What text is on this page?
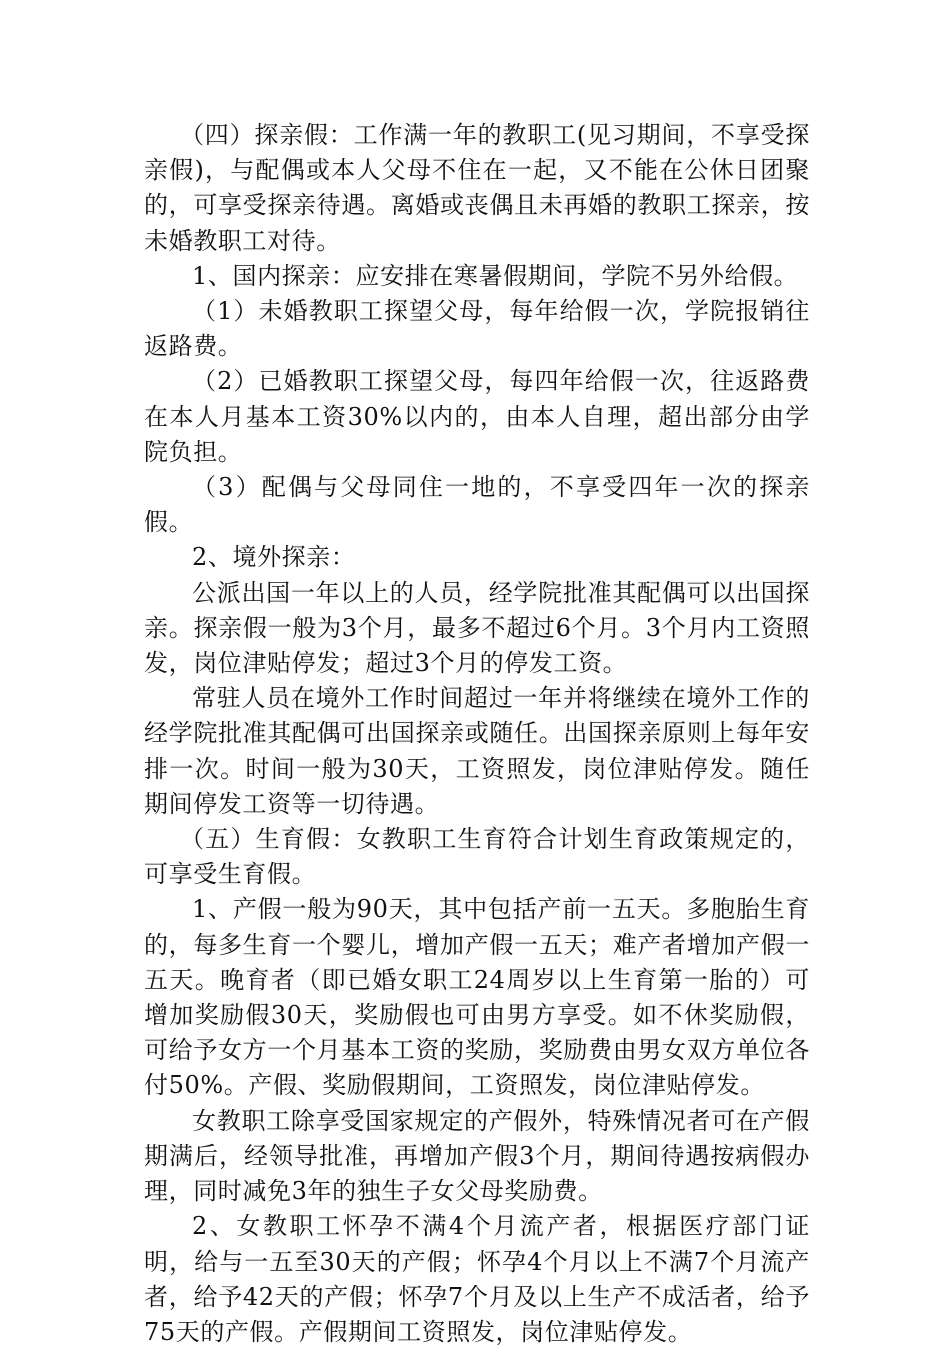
（四）探亲假：工作满一年的教职工(见习期间，不享受探亲假)，与配偶或本人父母不住在一起，又不能在公休日团聚的，可享受探亲待遇。离婚或丧偶且未再婚的教职工探亲，按未婚教职工对待。

1、国内探亲：应安排在寒暑假期间，学院不另外给假。

（1）未婚教职工探望父母，每年给假一次，学院报销往返路费。

（2）已婚教职工探望父母，每四年给假一次，往返路费在本人月基本工资30%以内的，由本人自理，超出部分由学院负担。

（3）配偶与父母同住一地的，不享受四年一次的探亲假。

2、境外探亲：

公派出国一年以上的人员，经学院批准其配偶可以出国探亲。探亲假一般为3个月，最多不超过6个月。3个月内工资照发，岗位津贴停发；超过3个月的停发工资。

常驻人员在境外工作时间超过一年并将继续在境外工作的经学院批准其配偶可出国探亲或随任。出国探亲原则上每年安排一次。时间一般为30天，工资照发，岗位津贴停发。随任期间停发工资等一切待遇。

（五）生育假：女教职工生育符合计划生育政策规定的，可享受生育假。

1、产假一般为90天，其中包括产前一五天。多胞胎生育的，每多生育一个婴儿，增加产假一五天；难产者增加产假一五天。晚育者（即已婚女职工24周岁以上生育第一胎的）可增加奖励假30天，奖励假也可由男方享受。如不休奖励假，可给予女方一个月基本工资的奖励，奖励费由男女双方单位各付50%。产假、奖励假期间，工资照发，岗位津贴停发。

女教职工除享受国家规定的产假外，特殊情况者可在产假期满后，经领导批准，再增加产假3个月，期间待遇按病假办理，同时减免3年的独生子女父母奖励费。

2、女教职工怀孕不满4个月流产者，根据医疗部门证明，给与一五至30天的产假；怀孕4个月以上不满7个月流产者，给予42天的产假；怀孕7个月及以上生产不成活者，给予75天的产假。产假期间工资照发，岗位津贴停发。
